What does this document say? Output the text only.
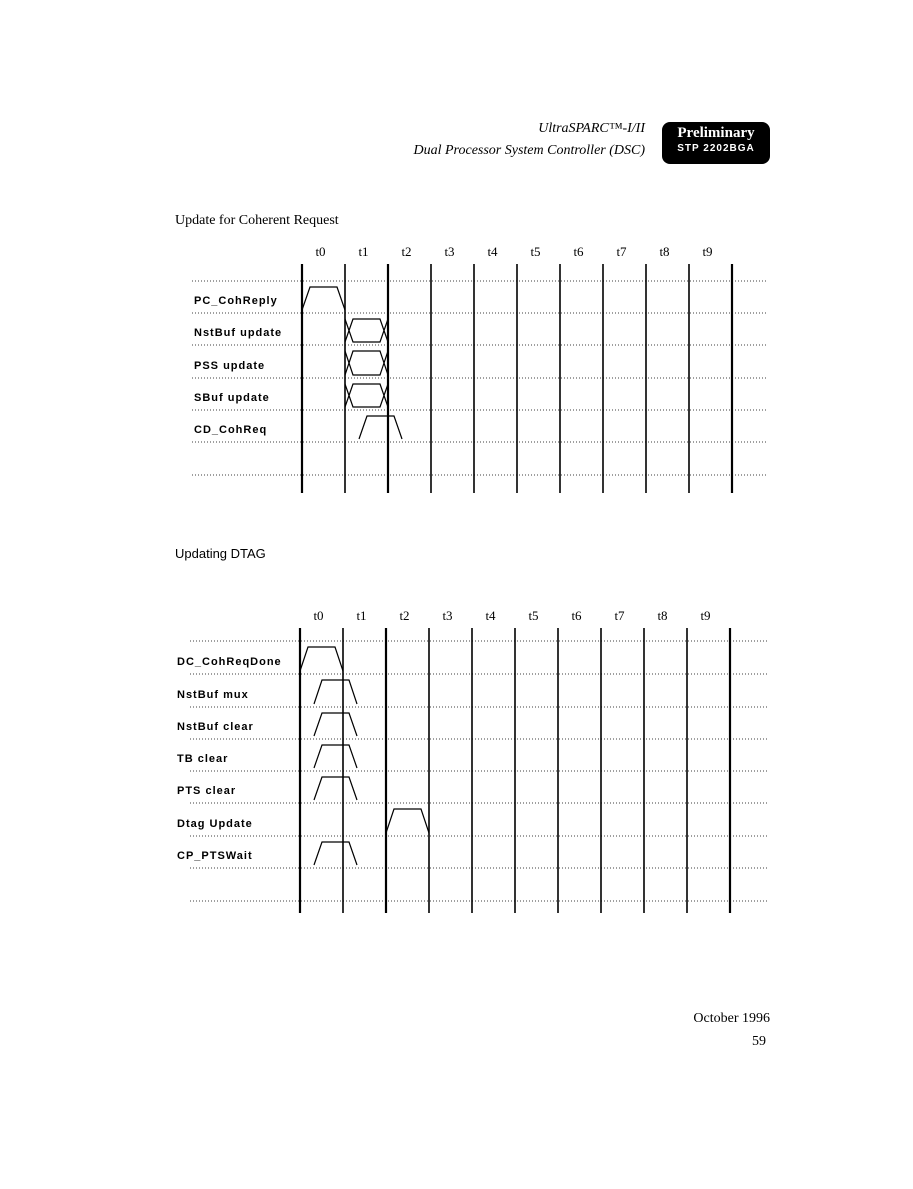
UltraSPARC™-I/II
Dual Processor System Controller (DSC)
Preliminary
STP 2202BGA
Update for Coherent Request
Updating DTAG
t0	t1	t2	t3	t4	t5	t6	t7	t8	t9
PC_CohReply
NstBuf update
PSS update
SBuf update
CD_CohReq
t0	t1	t2	t3	t4	t5	t6	t7	t8	t9
DC_CohReqDone
NstBuf mux
NstBuf clear
TB clear
PTS clear
Dtag Update
CP_PTSWait
October 1996
59
